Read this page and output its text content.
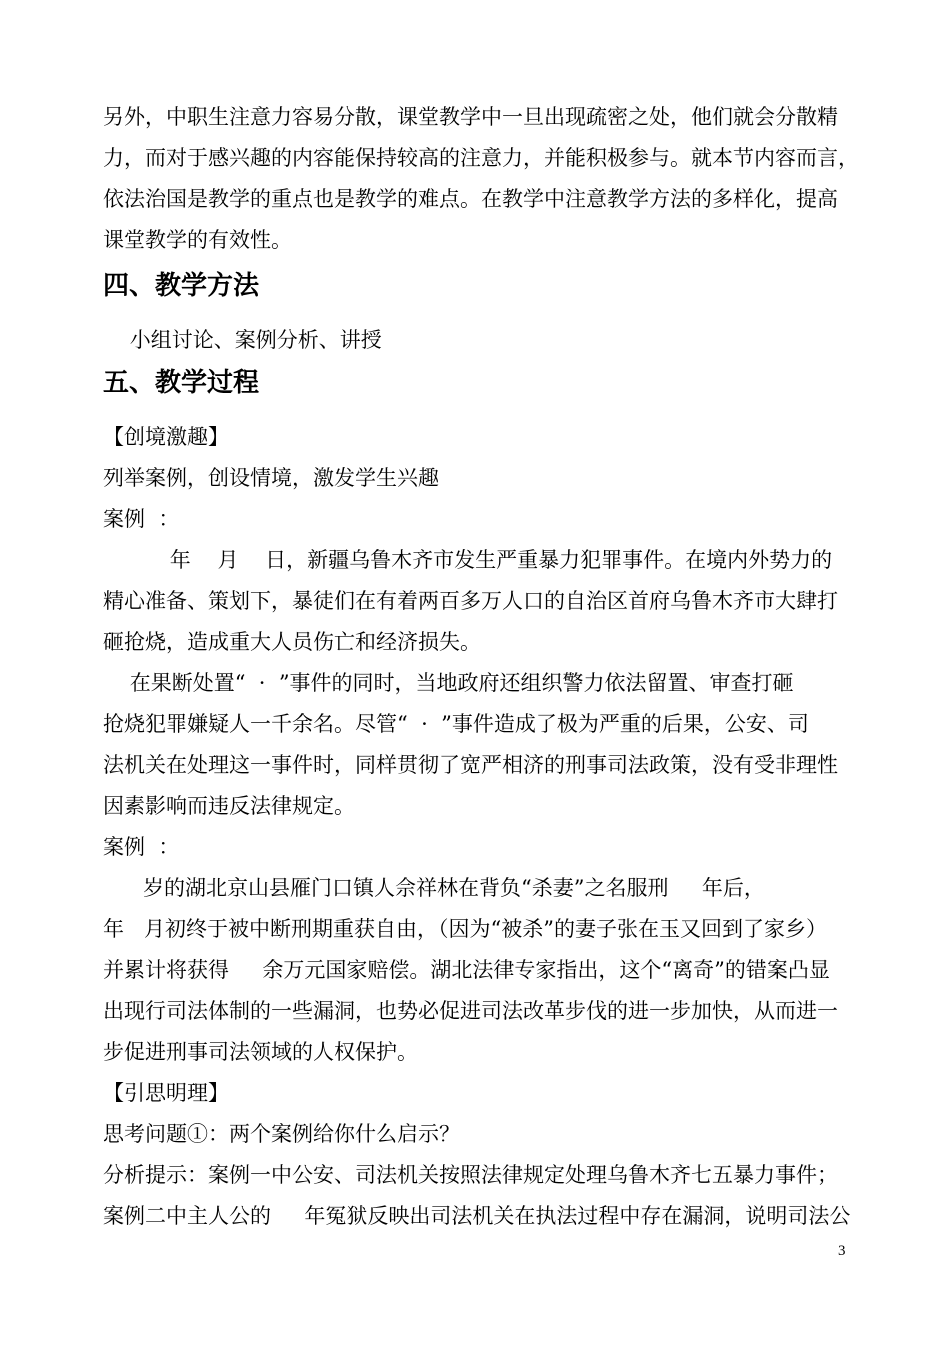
另外，中职生注意力容易分散，课堂教学中一旦出现疏密之处，他们就会分散精

力，而对于感兴趣的内容能保持较高的注意力，并能积极参与。就本节内容而言，

依法治国是教学的重点也是教学的难点。在教学中注意教学方法的多样化，提高

课堂教学的有效性。

四、教学方法

小组讨论、案例分析、讲授

五、教学过程

【创境激趣】

列举案例，创设情境，激发学生兴趣

案例  ：

年    月    日，新疆乌鲁木齐市发生严重暴力犯罪事件。在境内外势力的

精心准备、策划下，暴徒们在有着两百多万人口的自治区首府乌鲁木齐市大肆打

砸抢烧，造成重大人员伤亡和经济损失。

在果断处置“  ·  ”事件的同时，当地政府还组织警力依法留置、审查打砸

抢烧犯罪嫌疑人一千余名。尽管“  ·  ”事件造成了极为严重的后果，公安、司

法机关在处理这一事件时，同样贯彻了宽严相济的刑事司法政策，没有受非理性

因素影响而违反法律规定。

案例  ：

岁的湖北京山县雁门口镇人佘祥林在背负“杀妻”之名服刑     年后，

年   月初终于被中断刑期重获自由，（因为“被杀”的妻子张在玉又回到了家乡）

并累计将获得     余万元国家赔偿。湖北法律专家指出，这个“离奇”的错案凸显

出现行司法体制的一些漏洞，也势必促进司法改革步伐的进一步加快，从而进一

步促进刑事司法领域的人权保护。

【引思明理】

思考问题①：两个案例给你什么启示？

分析提示：案例一中公安、司法机关按照法律规定处理乌鲁木齐七五暴力事件；

案例二中主人公的     年冤狱反映出司法机关在执法过程中存在漏洞，说明司法公

3
